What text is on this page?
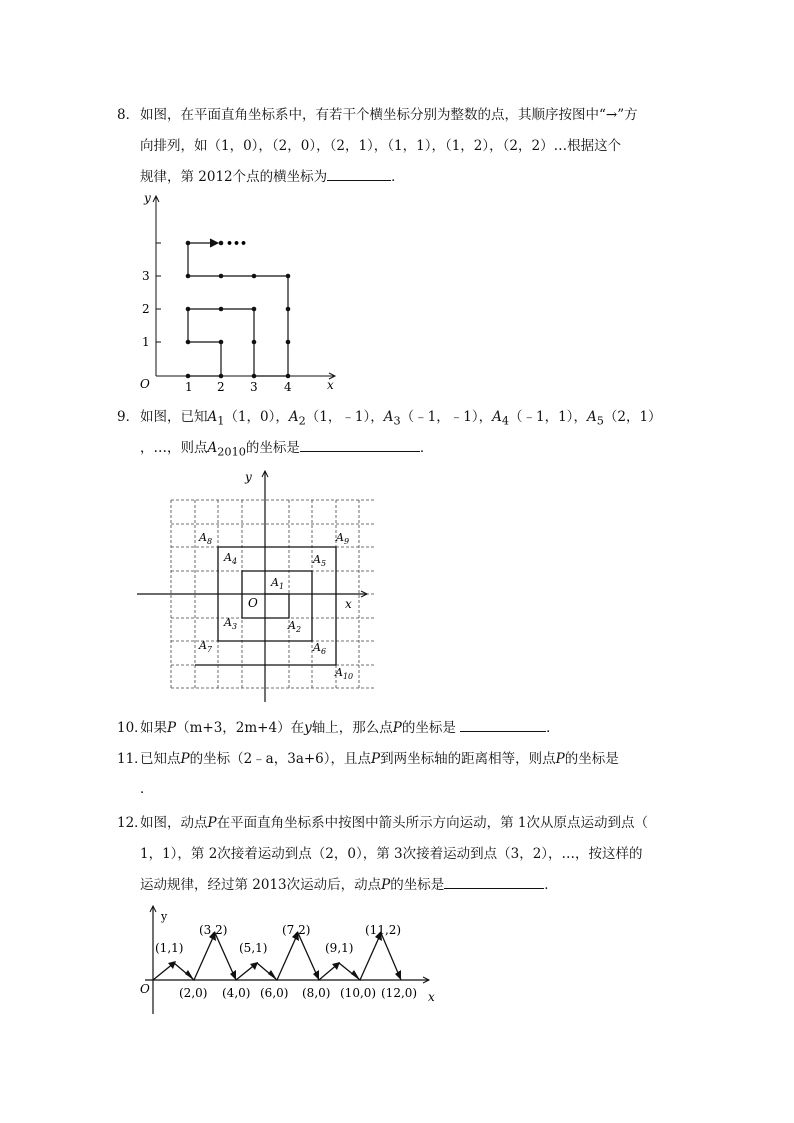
8． 如图，在平面直角坐标系中，有若干个横坐标分别为整数的点，其顺序按图中“→”方
向排列，如（1，0），（2，0），（2，1），（1，1），（1，2），（2，2）…根据这个
规律，第 2012个点的横坐标为	．
y
x
O
1
2
3
1 2 3 4
•••
9． 如图，已知$A_1(1$，0），$A_2(1$，﹣1），$A_3(﹣1$，﹣1），$A_4(﹣1$，1），$A_5(2$，1）
，…，则点$A_{2010}$的坐标是	．
y
x
O
$A_1$
$A_2$
$A_3$
$A_4$	$A_5$
$A_6$
$A_7$
$A_8$	$A_9$
$A_{10}$
10．
如果P（m+3，2m+4）在y轴上，那么点P的坐标是	．
11．
已知点P的坐标（2﹣a，3a+6），且点P到两坐标轴的距离相等，则点P的坐标是
．
12．
如图，动点P在平面直角坐标系中按图中箭头所示方向运动，第 1次从原点运动到点（
1，1），第 2次接着运动到点（2，0），第 3次接着运动到点（3，2），…，按这样的
运动规律，经过第 2013次运动后，动点P的坐标是	．
y
x
O
(1,1)
(3,2)
(5,1)
(7,2)
(9,1)
(11,2)
(2,0) (4,0) (6,0) (8,0) (10,0) (12,0)
